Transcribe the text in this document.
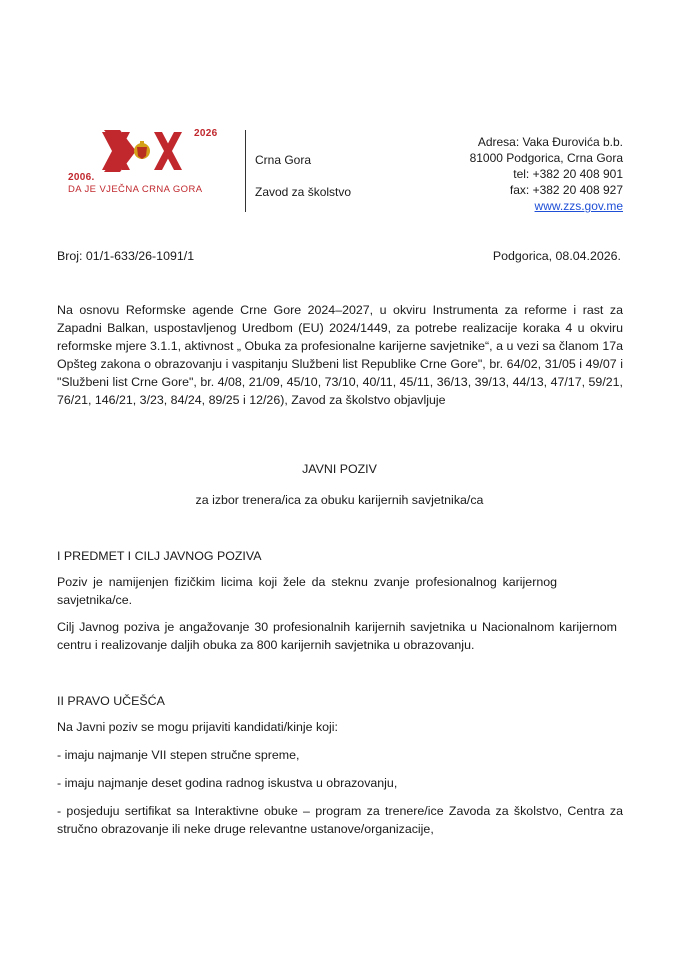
2026
2006.
DA JE VJEČNA CRNA GORA
Crna Gora
Zavod za školstvo
Adresa: Vaka Đurovića b.b.
81000 Podgorica, Crna Gora
tel: +382 20 408 901
fax: +382 20 408 927
www.zzs.gov.me
Broj: 01/1-633/26-1091/1	Podgorica, 08.04.2026.
Na osnovu Reformske agende Crne Gore 2024–2027, u okviru Instrumenta za reforme i rast za Zapadni Balkan, uspostavljenog Uredbom (EU) 2024/1449, za potrebe realizacije koraka 4 u okviru reformske mjere 3.1.1, aktivnost „ Obuka za profesionalne karijerne savjetnike“, a u vezi sa članom 17a Opšteg zakona o obrazovanju i vaspitanju Službeni list Republike Crne Gore", br. 64/02, 31/05 i 49/07 i "Službeni list Crne Gore", br. 4/08, 21/09, 45/10, 73/10, 40/11, 45/11, 36/13, 39/13, 44/13, 47/17, 59/21, 76/21, 146/21, 3/23, 84/24, 89/25 i 12/26), Zavod za školstvo objavljuje
JAVNI POZIV
za izbor trenera/ica za obuku karijernih savjetnika/ca
I PREDMET I CILJ JAVNOG POZIVA
Poziv je namijenjen fizičkim licima koji žele da steknu zvanje profesionalnog karijernog savjetnika/ce.
Cilj Javnog poziva je angažovanje 30 profesionalnih karijernih savjetnika u Nacionalnom karijernom centru i realizovanje daljih obuka za 800 karijernih savjetnika u obrazovanju.
II PRAVO UČEŠĆA
Na Javni poziv se mogu prijaviti kandidati/kinje koji:
- imaju najmanje VII stepen stručne spreme,
- imaju najmanje deset godina radnog iskustva u obrazovanju,
- posjeduju sertifikat sa Interaktivne obuke – program za trenere/ice Zavoda za školstvo, Centra za stručno obrazovanje ili neke druge relevantne ustanove/organizacije,
